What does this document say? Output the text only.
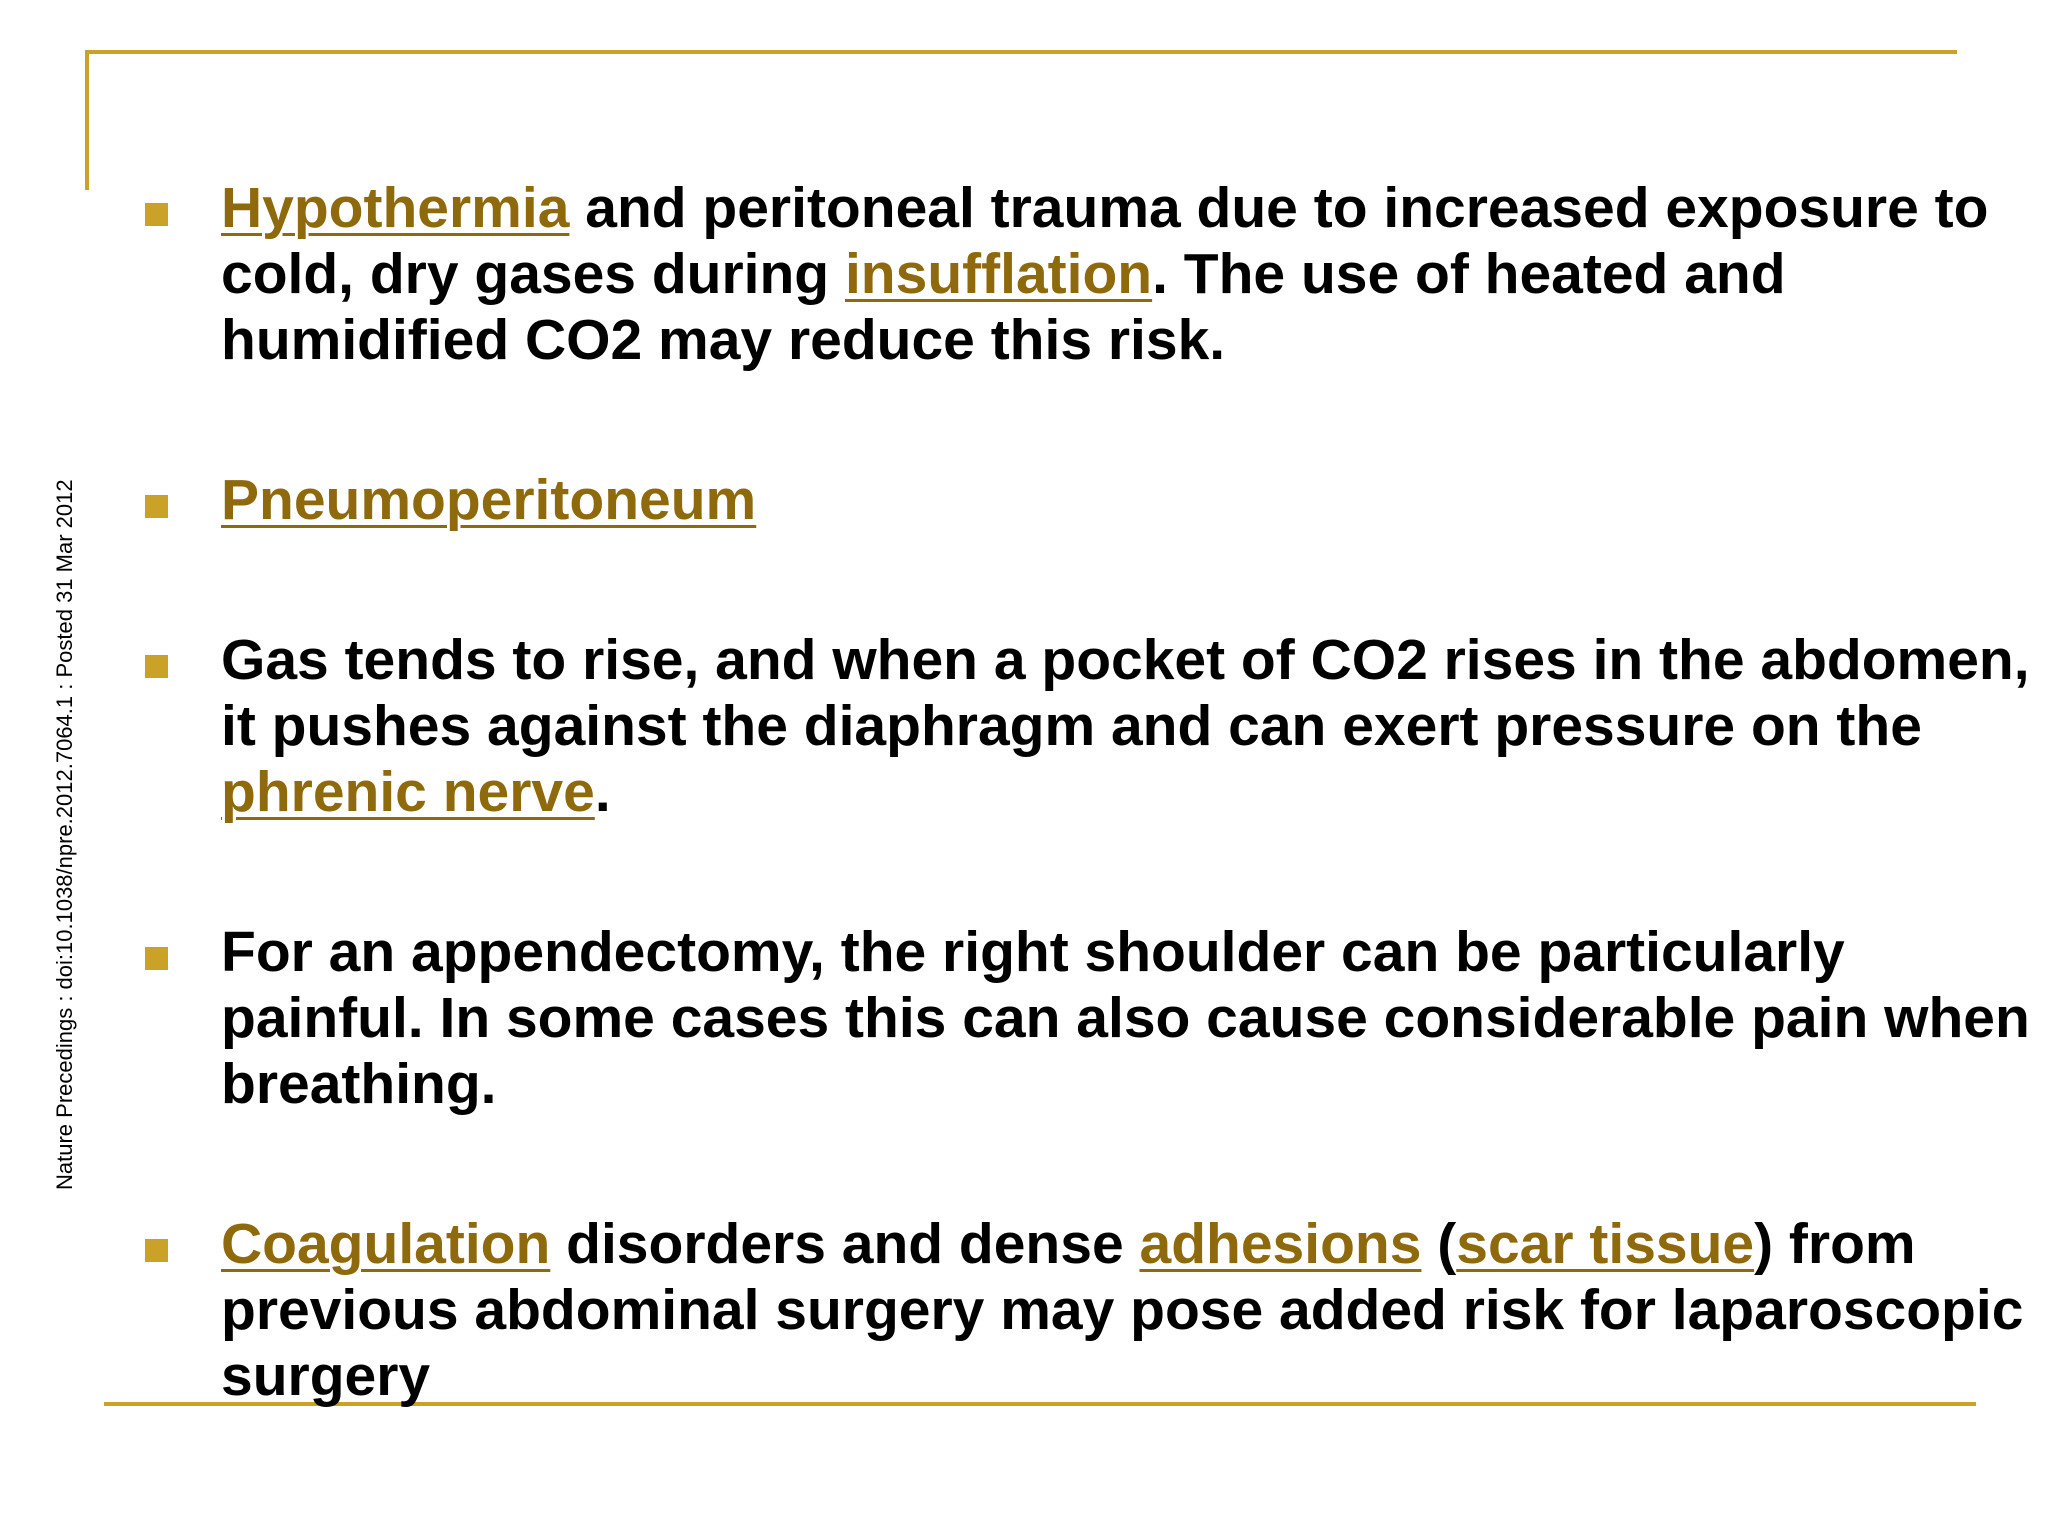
Nature Precedings : doi:10.1038/npre.2012.7064.1 : Posted 31 Mar 2012
Hypothermia and peritoneal trauma due to increased exposure to cold, dry gases during insufflation. The use of heated and humidified CO2 may reduce this risk.
Pneumoperitoneum
Gas tends to rise, and when a pocket of CO2 rises in the abdomen, it pushes against the diaphragm and can exert pressure on the phrenic nerve.
For an appendectomy, the right shoulder can be particularly painful. In some cases this can also cause considerable pain when breathing.
Coagulation disorders and dense adhesions (scar tissue) from previous abdominal surgery may pose added risk for laparoscopic surgery
